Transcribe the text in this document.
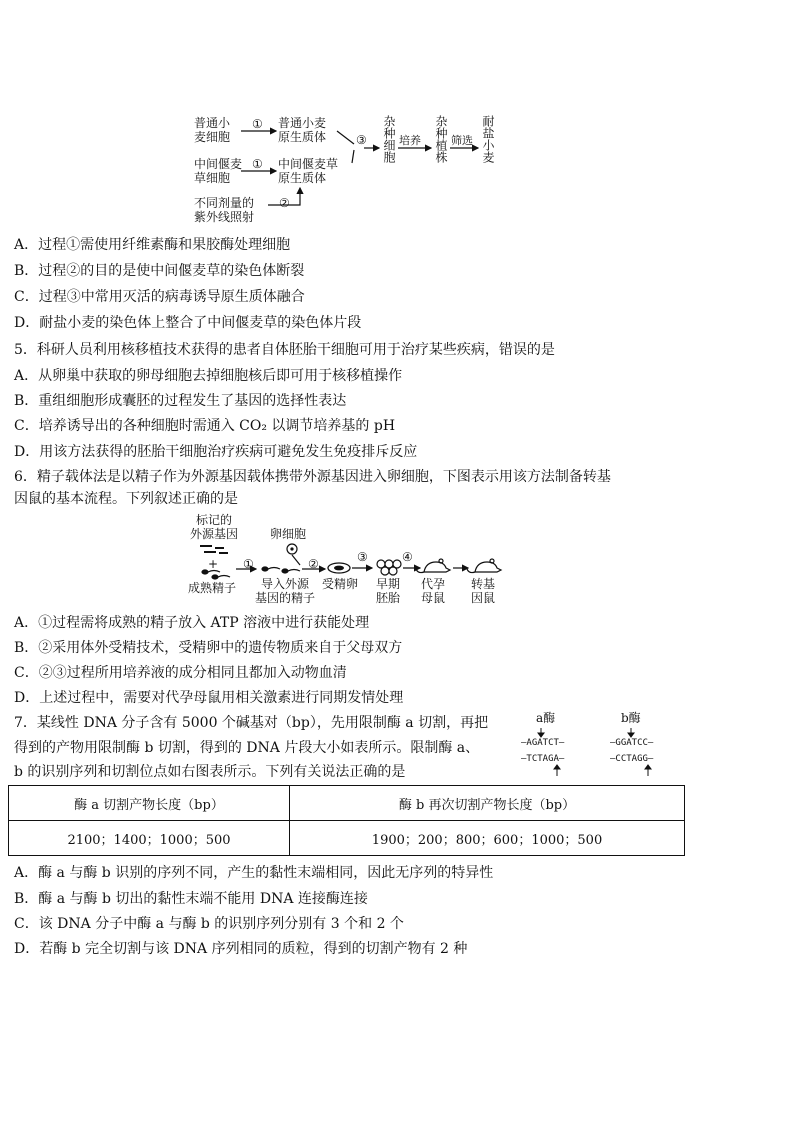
普通小
麦细胞
中间偃麦
草细胞
不同剂量的
紫外线照射
①
①
②
普通小麦
原生质体
中间偃麦草
原生质体
③ 杂种细胞 培养 杂种植株 筛选 耐盐小麦
A．过程①需使用纤维素酶和果胶酶处理细胞
B．过程②的目的是使中间偃麦草的染色体断裂
C．过程③中常用灭活的病毒诱导原生质体融合
D．耐盐小麦的染色体上整合了中间偃麦草的染色体片段
5．科研人员利用核移植技术获得的患者自体胚胎干细胞可用于治疗某些疾病，错误的是
A．从卵巢中获取的卵母细胞去掉细胞核后即可用于核移植操作
B．重组细胞形成囊胚的过程发生了基因的选择性表达
C．培养诱导出的各种细胞时需通入 CO₂ 以调节培养基的 pH
D．用该方法获得的胚胎干细胞治疗疾病可避免发生免疫排斥反应
6．精子载体法是以精子作为外源基因载体携带外源基因进入卵细胞，下图表示用该方法制备转基
因鼠的基本流程。下列叙述正确的是
标记的
外源基因
+
成熟精子
卵细胞
①	②	③	④
导入外源
基因的精子
受精卵 早期
胚胎
代孕
母鼠
转基
因鼠
A．①过程需将成熟的精子放入 ATP 溶液中进行获能处理
B．②采用体外受精技术，受精卵中的遗传物质来自于父母双方
C．②③过程所用培养液的成分相同且都加入动物血清
D．上述过程中，需要对代孕母鼠用相关激素进行同期发情处理
7．某线性 DNA 分子含有 5000 个碱基对（bp），先用限制酶 a 切割，再把
得到的产物用限制酶 b 切割，得到的 DNA 片段大小如表所示。限制酶 a、
b 的识别序列和切割位点如右图表所示。下列有关说法正确的是
a酶
—AGATCT—
—TCTAGA—
b酶
—GGATCC—
—CCTAGG—
酶 a 切割产物长度（bp）	酶 b 再次切割产物长度（bp）
2100；1400；1000；500	1900；200；800；600；1000；500
A．酶 a 与酶 b 识别的序列不同，产生的黏性末端相同，因此无序列的特异性
B．酶 a 与酶 b 切出的黏性末端不能用 DNA 连接酶连接
C．该 DNA 分子中酶 a 与酶 b 的识别序列分别有 3 个和 2 个
D．若酶 b 完全切割与该 DNA 序列相同的质粒，得到的切割产物有 2 种
